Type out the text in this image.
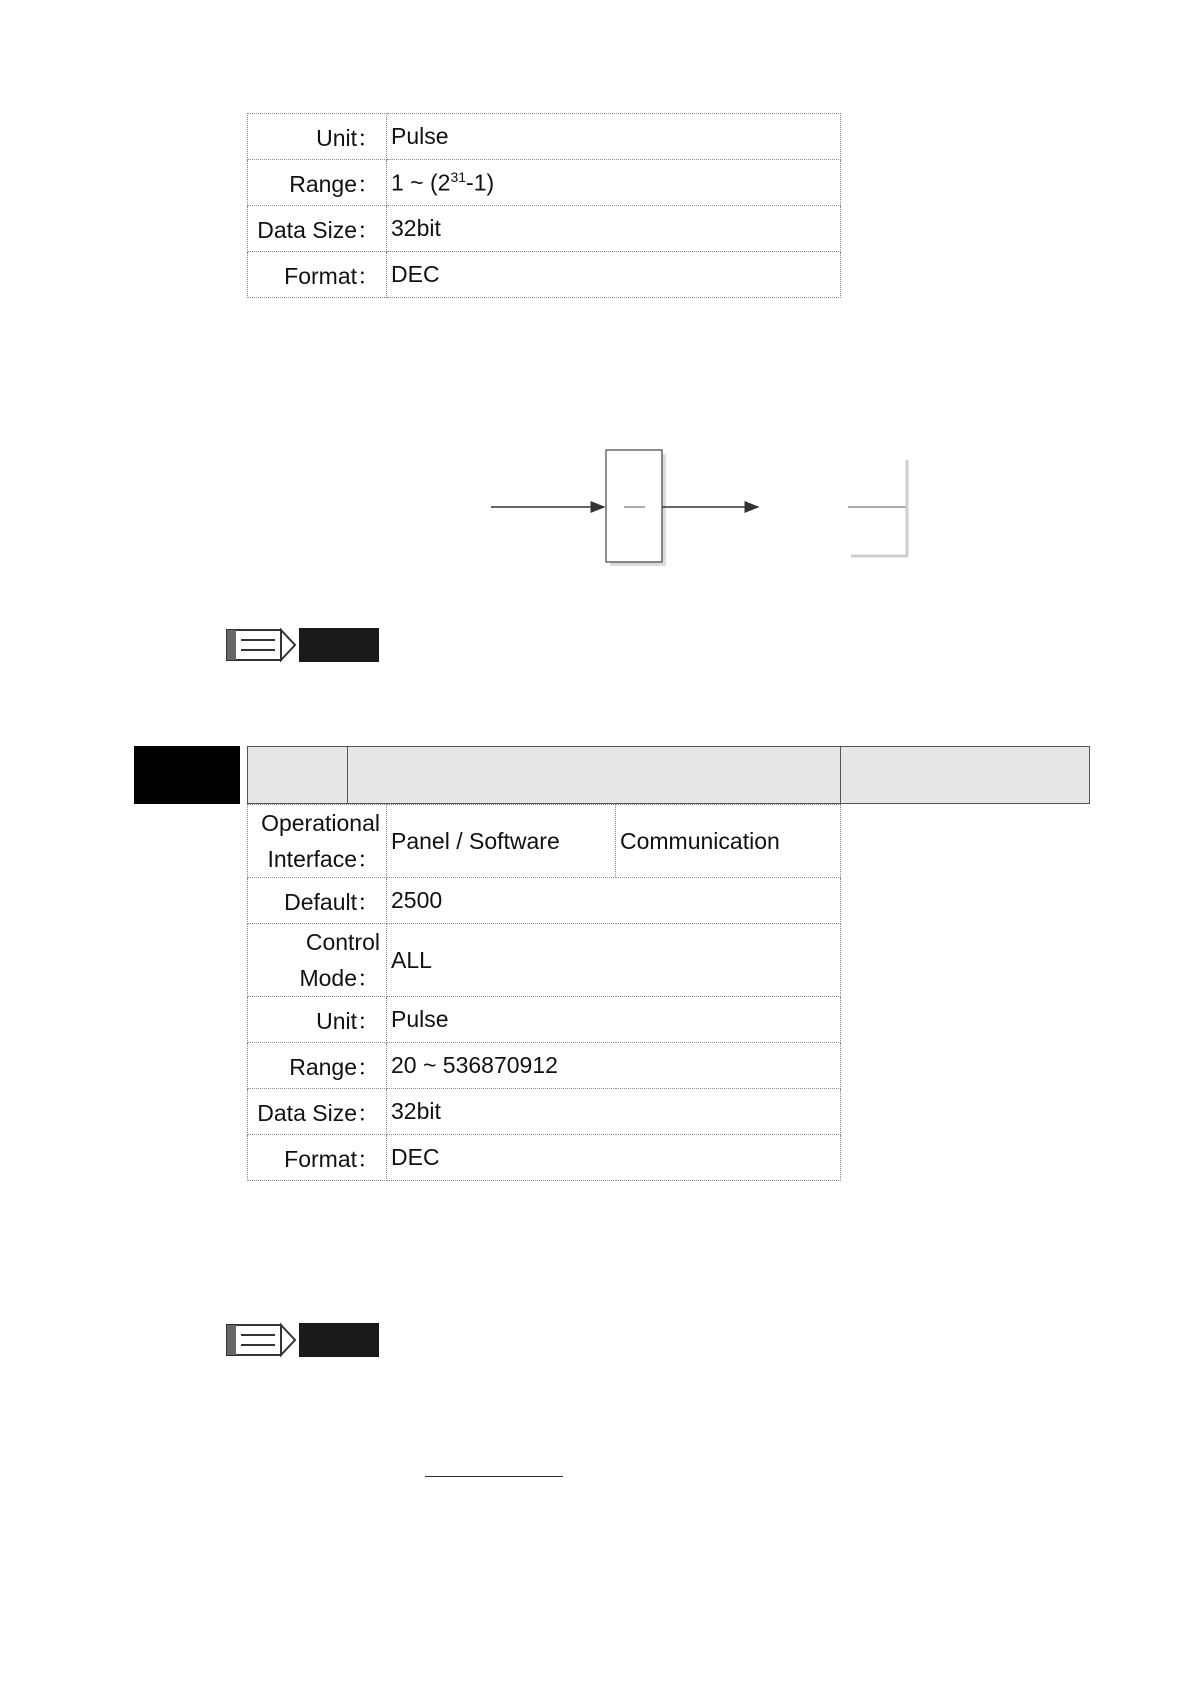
Unit：	Pulse
Range：	1 ~ $(2^{31}-1)$
Data Size：	32bit
Format：	DEC
Operational
Interface：	Panel / Software	Communication
Default：	2500	
Control
Mode：	ALL	
Unit：	Pulse	
Range：	20 ~ 536870912	
Data Size：	32bit	
Format：	DEC	
